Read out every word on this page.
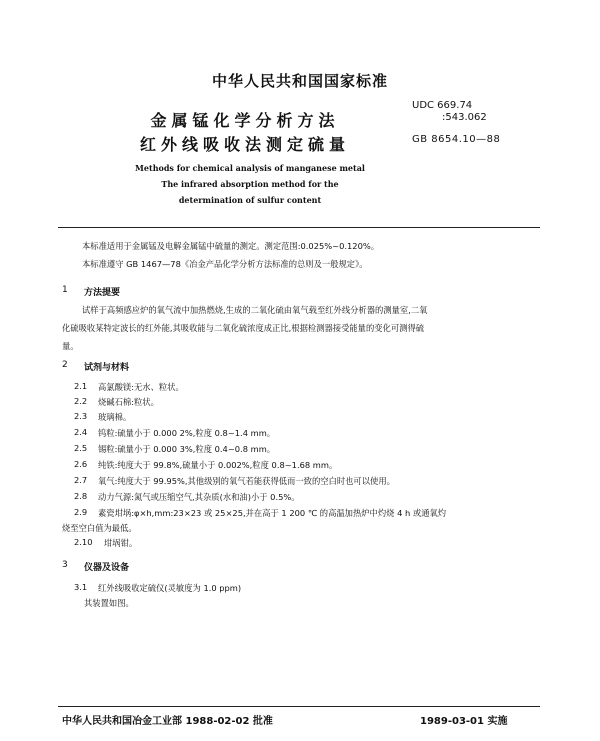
中华人民共和国国家标准
金属锰化学分析方法
红外线吸收法测定硫量
UDC 669.74
:543.062
GB 8654.10—88
Methods for chemical analysis of manganese metal
The infrared absorption method for the
determination of sulfur content
本标准适用于金属锰及电解金属锰中硫量的测定。测定范围:0.025%~0.120%。
本标准遵守 GB 1467—78《冶金产品化学分析方法标准的总则及一般规定》。
1 方法提要
试样于高频感应炉的氧气流中加热燃烧,生成的二氧化硫由氧气载至红外线分析器的测量室,二氧
化硫吸收某特定波长的红外能,其吸收能与二氧化硫浓度成正比,根据检测器接受能量的变化可测得硫
量。
2 试剂与材料
2.1 高氯酸镁:无水、粒状。
2.2 烧碱石棉:粒状。
2.3 玻璃棉。
2.4 钨粒:硫量小于 0.000 2%,粒度 0.8~1.4 mm。
2.5 锡粒:硫量小于 0.000 3%,粒度 0.4~0.8 mm。
2.6 纯铁:纯度大于 99.8%,硫量小于 0.002%,粒度 0.8~1.68 mm。
2.7 氧气:纯度大于 99.95%,其他级别的氧气若能获得低而一致的空白时也可以使用。
2.8 动力气源:氮气或压缩空气,其杂质(水和油)小于 0.5%。
2.9 素瓷坩埚:φ×h,mm:23×23 或 25×25,并在高于 1 200 ℃ 的高温加热炉中灼烧 4 h 或通氧灼
烧至空白值为最低。
2.10 坩埚钳。
3 仪器及设备
3.1 红外线吸收定硫仪(灵敏度为 1.0 ppm)
其装置如图。
中华人民共和国冶金工业部 1988-02-02 批准	1989-03-01 实施
